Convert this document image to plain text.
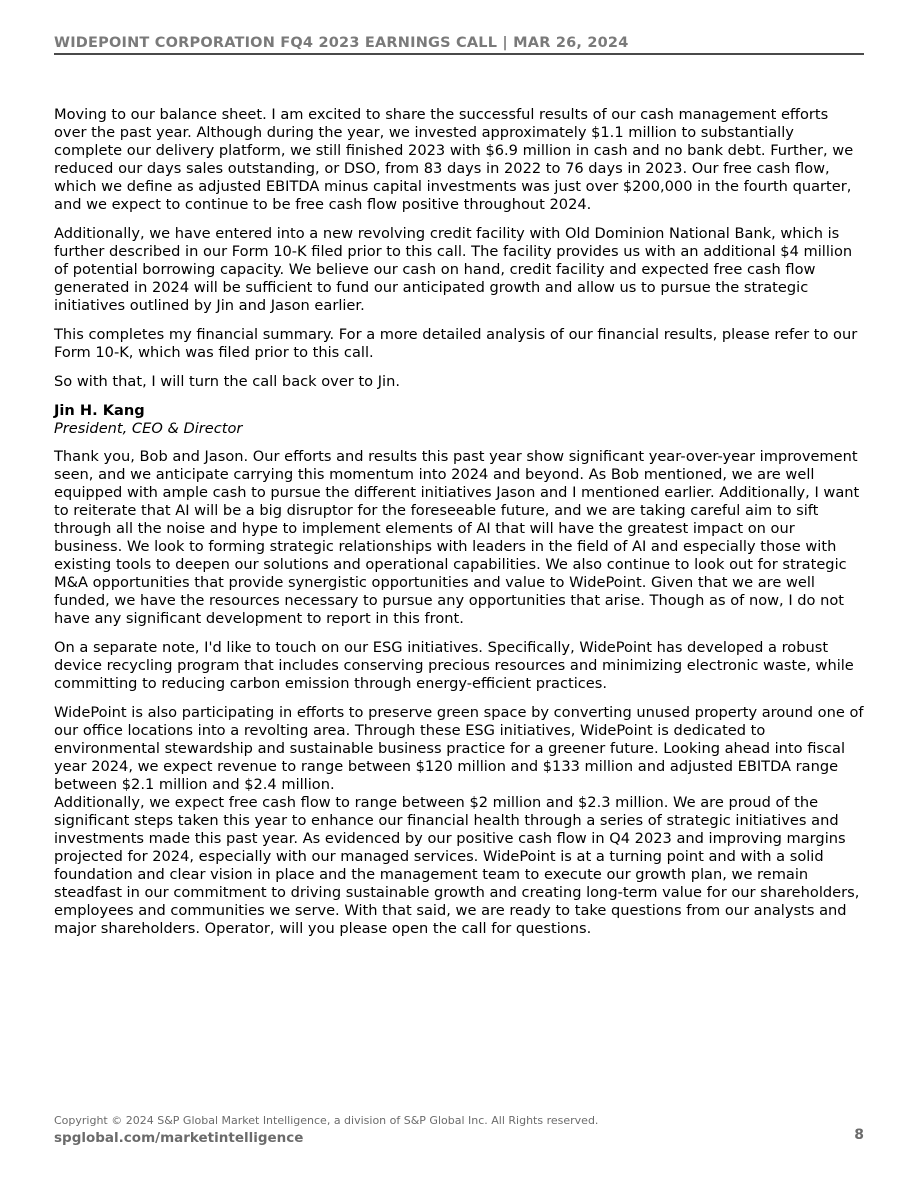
WIDEPOINT CORPORATION FQ4 2023 EARNINGS CALL | MAR 26, 2024

Moving to our balance sheet. I am excited to share the successful results of our cash management efforts over the past year. Although during the year, we invested approximately $1.1 million to substantially complete our delivery platform, we still finished 2023 with $6.9 million in cash and no bank debt. Further, we reduced our days sales outstanding, or DSO, from 83 days in 2022 to 76 days in 2023. Our free cash flow, which we define as adjusted EBITDA minus capital investments was just over $200,000 in the fourth quarter, and we expect to continue to be free cash flow positive throughout 2024.

Additionally, we have entered into a new revolving credit facility with Old Dominion National Bank, which is further described in our Form 10-K filed prior to this call. The facility provides us with an additional $4 million of potential borrowing capacity. We believe our cash on hand, credit facility and expected free cash flow generated in 2024 will be sufficient to fund our anticipated growth and allow us to pursue the strategic initiatives outlined by Jin and Jason earlier.

This completes my financial summary. For a more detailed analysis of our financial results, please refer to our Form 10-K, which was filed prior to this call.

So with that, I will turn the call back over to Jin.

Jin H. Kang
President, CEO & Director

Thank you, Bob and Jason. Our efforts and results this past year show significant year-over-year improvement seen, and we anticipate carrying this momentum into 2024 and beyond. As Bob mentioned, we are well equipped with ample cash to pursue the different initiatives Jason and I mentioned earlier. Additionally, I want to reiterate that AI will be a big disruptor for the foreseeable future, and we are taking careful aim to sift through all the noise and hype to implement elements of AI that will have the greatest impact on our business. We look to forming strategic relationships with leaders in the field of AI and especially those with existing tools to deepen our solutions and operational capabilities. We also continue to look out for strategic M&A opportunities that provide synergistic opportunities and value to WidePoint. Given that we are well funded, we have the resources necessary to pursue any opportunities that arise. Though as of now, I do not have any significant development to report in this front.

On a separate note, I'd like to touch on our ESG initiatives. Specifically, WidePoint has developed a robust device recycling program that includes conserving precious resources and minimizing electronic waste, while committing to reducing carbon emission through energy-efficient practices.

WidePoint is also participating in efforts to preserve green space by converting unused property around one of our office locations into a revolting area. Through these ESG initiatives, WidePoint is dedicated to environmental stewardship and sustainable business practice for a greener future. Looking ahead into fiscal year 2024, we expect revenue to range between $120 million and $133 million and adjusted EBITDA range between $2.1 million and $2.4 million.

Additionally, we expect free cash flow to range between $2 million and $2.3 million. We are proud of the significant steps taken this year to enhance our financial health through a series of strategic initiatives and investments made this past year. As evidenced by our positive cash flow in Q4 2023 and improving margins projected for 2024, especially with our managed services. WidePoint is at a turning point and with a solid foundation and clear vision in place and the management team to execute our growth plan, we remain steadfast in our commitment to driving sustainable growth and creating long-term value for our shareholders, employees and communities we serve. With that said, we are ready to take questions from our analysts and major shareholders. Operator, will you please open the call for questions.

Copyright © 2024 S&P Global Market Intelligence, a division of S&P Global Inc. All Rights reserved.
spglobal.com/marketintelligence	8
